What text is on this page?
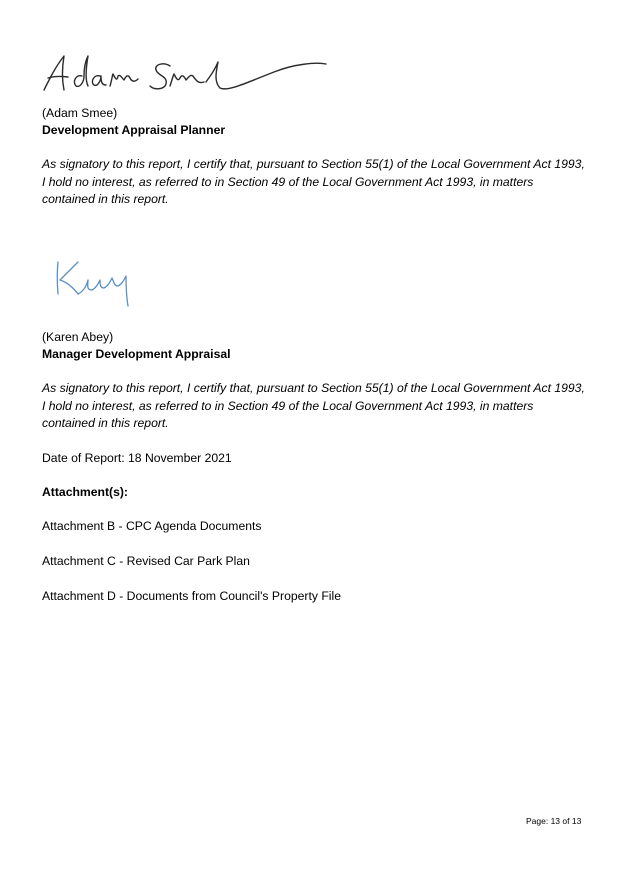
(Adam Smee)
Development Appraisal Planner
As signatory to this report, I certify that, pursuant to Section 55(1) of the Local Government Act 1993, I hold no interest, as referred to in Section 49 of the Local Government Act 1993, in matters contained in this report.
(Karen Abey)
Manager Development Appraisal
As signatory to this report, I certify that, pursuant to Section 55(1) of the Local Government Act 1993, I hold no interest, as referred to in Section 49 of the Local Government Act 1993, in matters contained in this report.
Date of Report: 18 November 2021
Attachment(s):
Attachment B - CPC Agenda Documents
Attachment C - Revised Car Park Plan
Attachment D - Documents from Council's Property File
Page: 13 of 13
